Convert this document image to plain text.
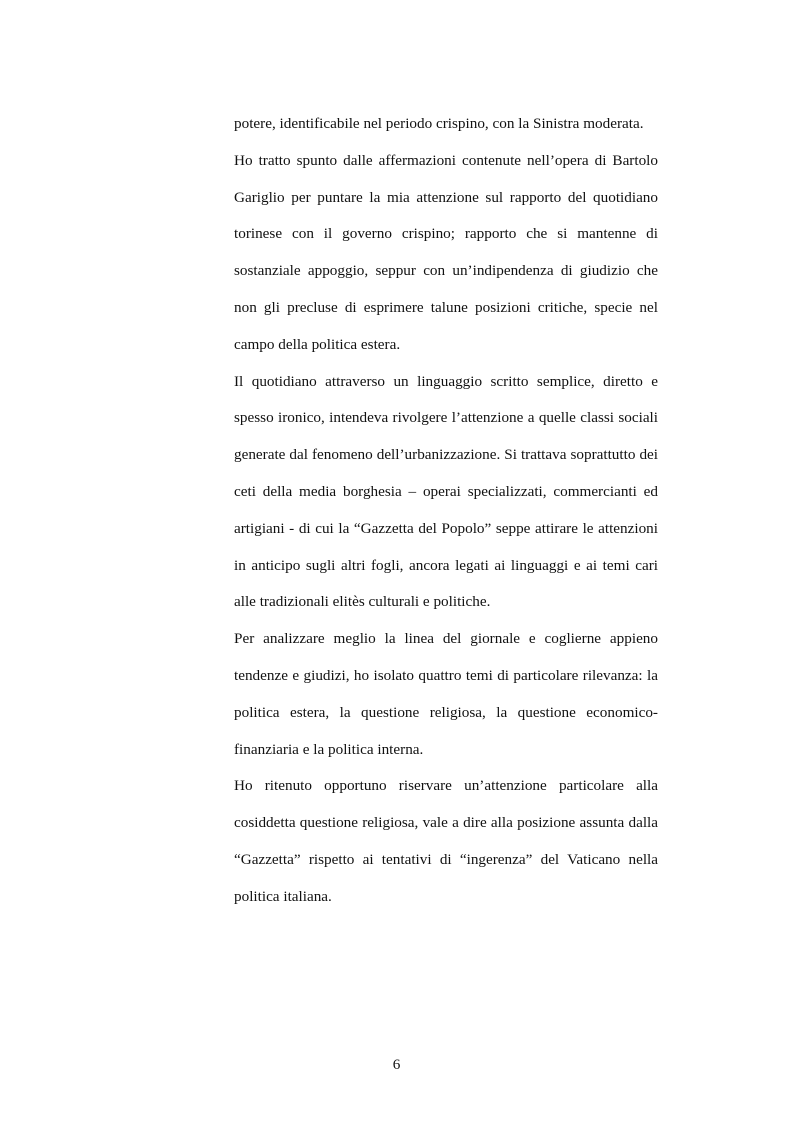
potere, identificabile nel periodo crispino, con la Sinistra moderata.

Ho tratto spunto dalle affermazioni contenute nell’opera di Bartolo Gariglio per puntare la mia attenzione sul rapporto del quotidiano torinese con il governo crispino; rapporto che si mantenne di sostanziale appoggio, seppur con un’indipendenza di giudizio che non gli precluse di esprimere talune posizioni critiche, specie nel campo della politica estera.

Il quotidiano attraverso un linguaggio scritto semplice, diretto e spesso ironico, intendeva rivolgere l’attenzione a quelle classi sociali generate dal fenomeno dell’urbanizzazione. Si trattava soprattutto dei ceti della media borghesia – operai specializzati, commercianti ed artigiani - di cui la “Gazzetta del Popolo” seppe attirare le attenzioni in anticipo sugli altri fogli, ancora legati ai linguaggi e ai temi cari alle tradizionali elitès culturali e politiche.

Per analizzare meglio la linea del giornale e coglierne appieno tendenze e giudizi, ho isolato quattro temi di particolare rilevanza: la politica estera, la questione religiosa, la questione economico-finanziaria e la politica interna.

Ho ritenuto opportuno riservare un’attenzione particolare alla cosiddetta questione religiosa, vale a dire alla posizione assunta dalla “Gazzetta” rispetto ai tentativi di “ingerenza” del Vaticano nella politica italiana.

6
